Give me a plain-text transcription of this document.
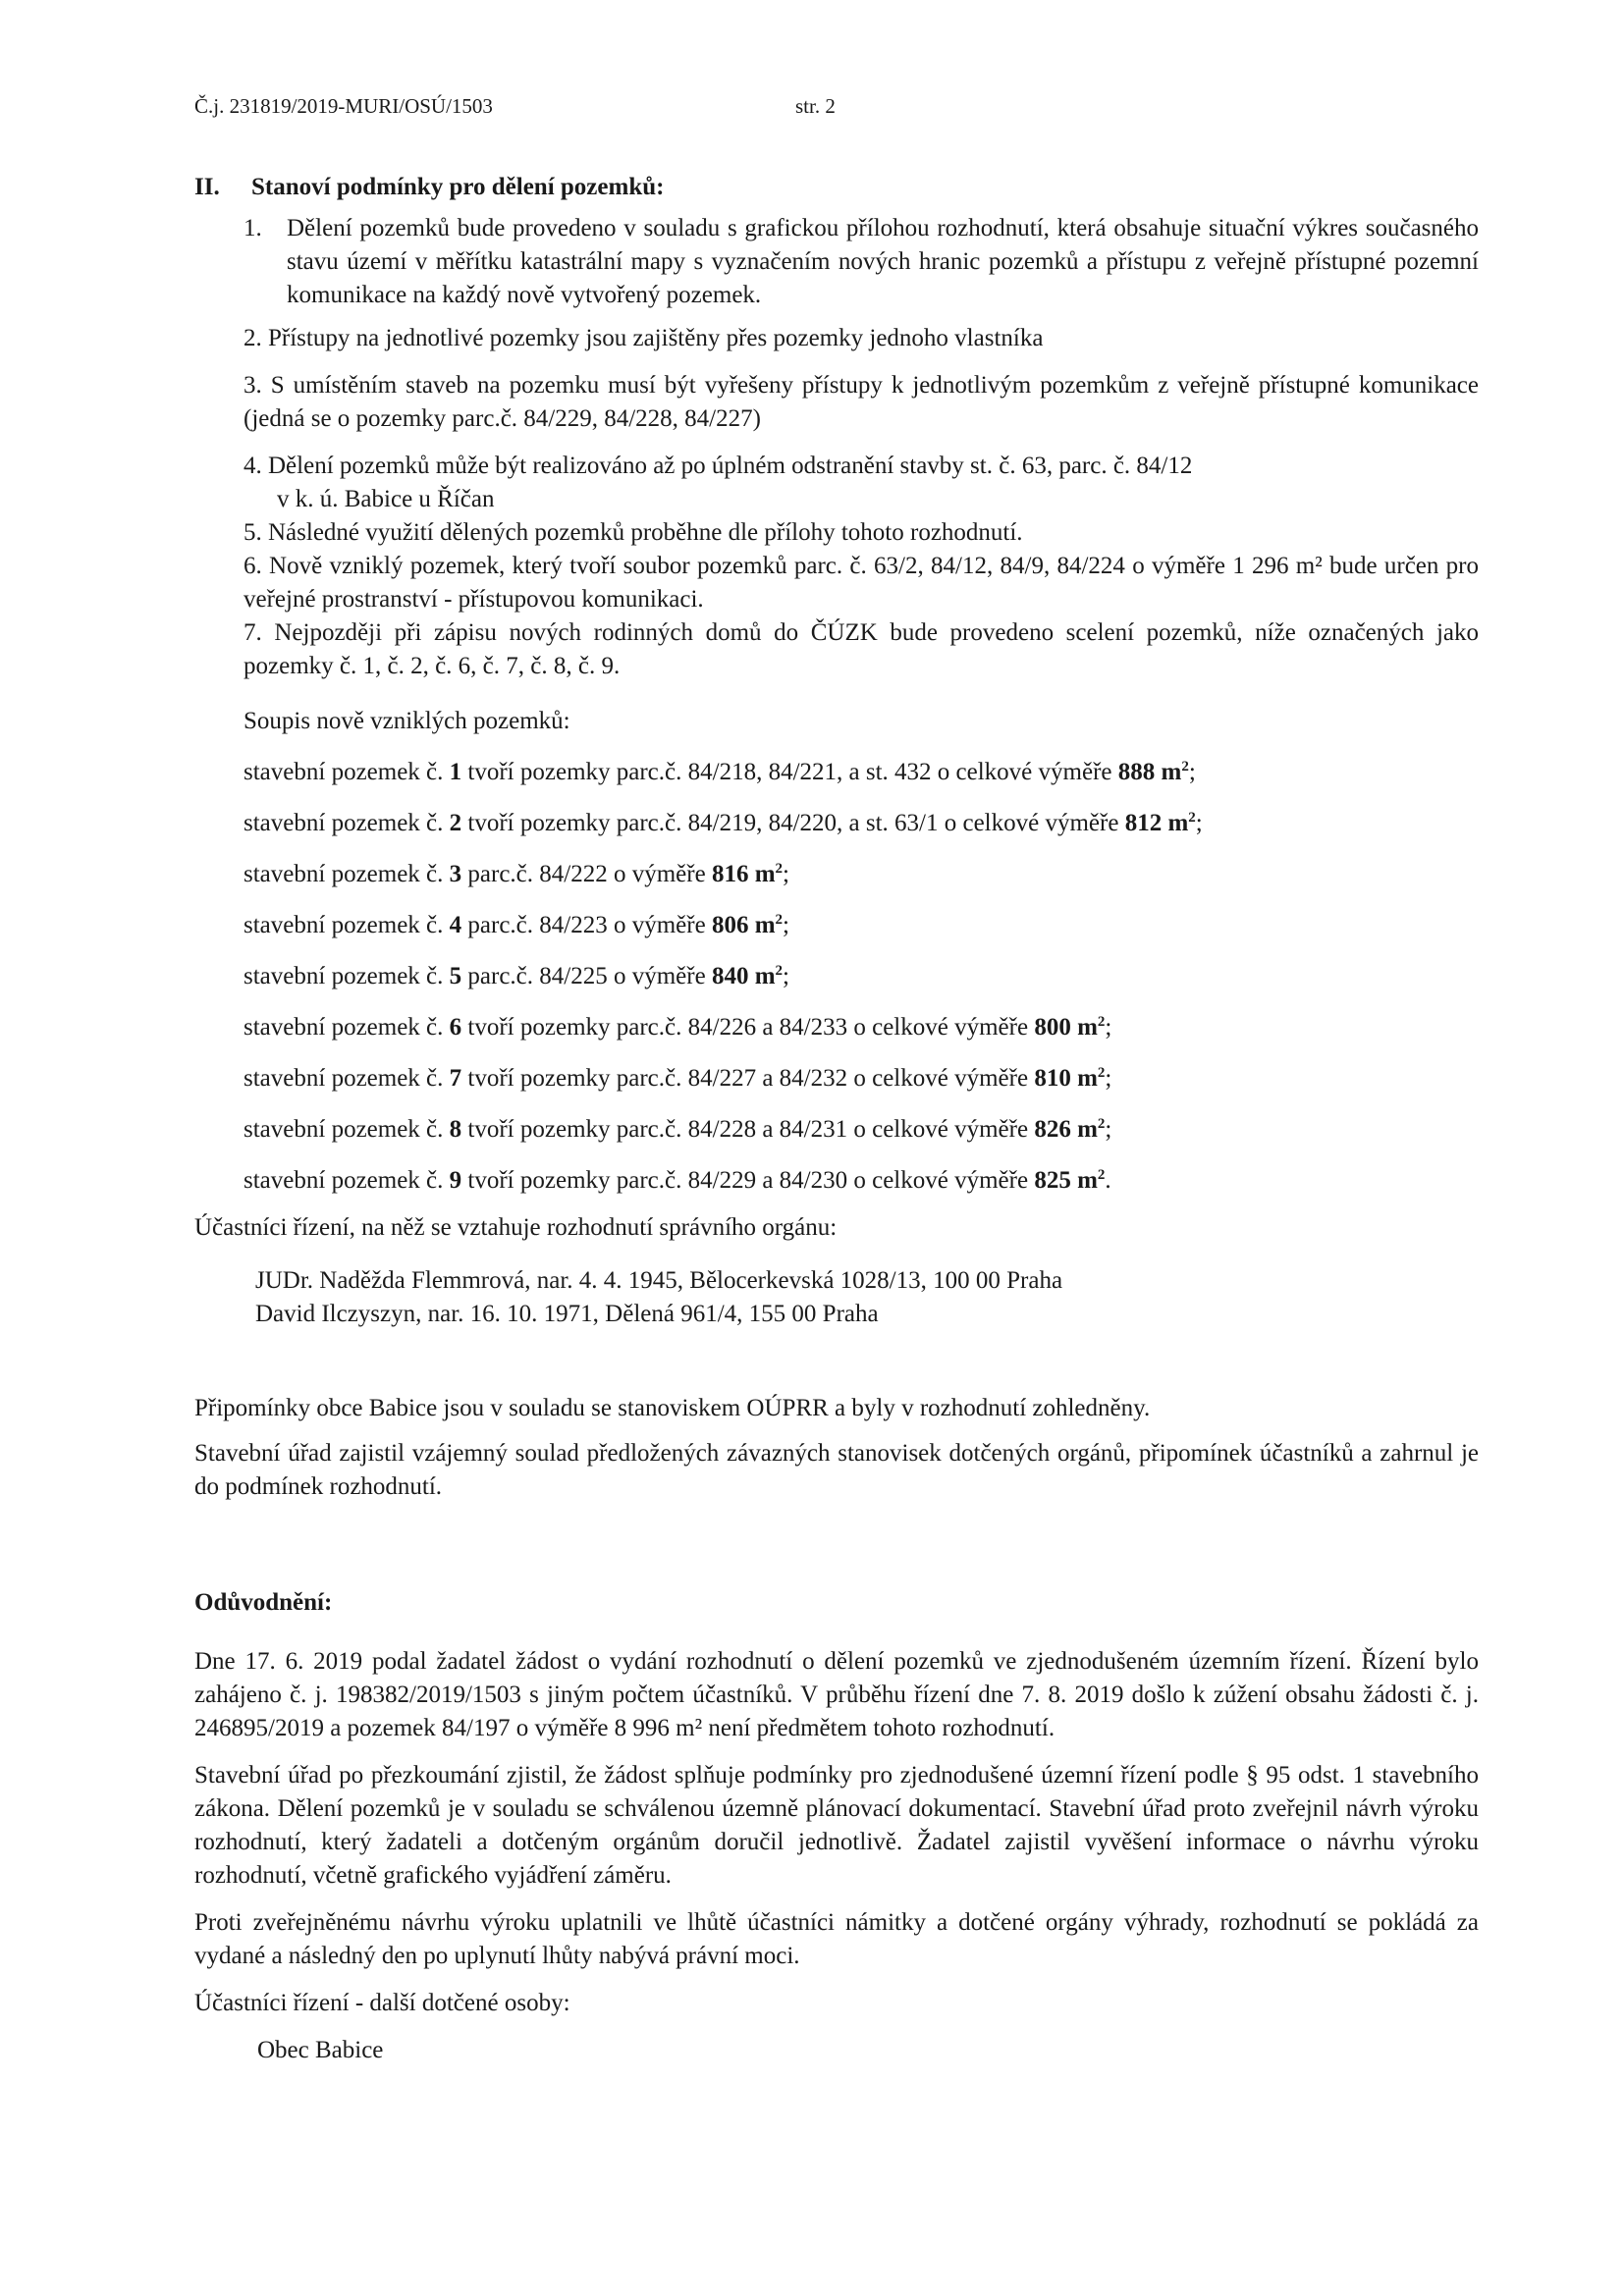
Č.j. 231819/2019-MURI/OSÚ/1503	str. 2
II.	Stanoví podmínky pro dělení pozemků:
1.	Dělení pozemků bude provedeno v souladu s grafickou přílohou rozhodnutí, která obsahuje situační výkres současného stavu území v měřítku katastrální mapy s vyznačením nových hranic pozemků a přístupu z veřejně přístupné pozemní komunikace na každý nově vytvořený pozemek.
2. Přístupy na jednotlivé pozemky jsou zajištěny přes pozemky jednoho vlastníka
3. S umístěním staveb na pozemku musí být vyřešeny přístupy k jednotlivým pozemkům z veřejně přístupné komunikace (jedná se o pozemky parc.č. 84/229, 84/228, 84/227)
4. Dělení pozemků může být realizováno až po úplném odstranění stavby st. č. 63, parc. č. 84/12
v k. ú. Babice u Říčan
5. Následné využití dělených pozemků proběhne dle přílohy tohoto rozhodnutí.
6. Nově vzniklý pozemek, který tvoří soubor pozemků parc. č. 63/2, 84/12, 84/9, 84/224 o výměře 1 296 m² bude určen pro veřejné prostranství - přístupovou komunikaci.
7. Nejpozději při zápisu nových rodinných domů do ČÚZK bude provedeno scelení pozemků, níže označených jako pozemky č. 1, č. 2, č. 6, č. 7, č. 8, č. 9.

Soupis nově vzniklých pozemků:

stavební pozemek č. 1 tvoří pozemky parc.č. 84/218, 84/221, a st. 432 o celkové výměře 888 $m^2$;

stavební pozemek č. 2 tvoří pozemky parc.č. 84/219, 84/220, a st. 63/1 o celkové výměře 812 $m^2$;

stavební pozemek č. 3 parc.č. 84/222 o výměře 816 $m^2$;

stavební pozemek č. 4 parc.č. 84/223 o výměře 806 $m^2$;

stavební pozemek č. 5 parc.č. 84/225 o výměře 840 $m^2$;

stavební pozemek č. 6 tvoří pozemky parc.č. 84/226 a 84/233 o celkové výměře 800 $m^2$;

stavební pozemek č. 7 tvoří pozemky parc.č. 84/227 a 84/232 o celkové výměře 810 $m^2$;

stavební pozemek č. 8 tvoří pozemky parc.č. 84/228 a 84/231 o celkové výměře 826 $m^2$;

stavební pozemek č. 9 tvoří pozemky parc.č. 84/229 a 84/230 o celkové výměře 825 $m^2$.

Účastníci řízení, na něž se vztahuje rozhodnutí správního orgánu:

JUDr. Naděžda Flemmrová, nar. 4. 4. 1945, Bělocerkevská 1028/13, 100 00 Praha
David Ilczyszyn, nar. 16. 10. 1971, Dělená 961/4, 155 00 Praha

Připomínky obce Babice jsou v souladu se stanoviskem OÚPRR a byly v rozhodnutí zohledněny.

Stavební úřad zajistil vzájemný soulad předložených závazných stanovisek dotčených orgánů, připomínek účastníků a zahrnul je do podmínek rozhodnutí.

Odůvodnění:

Dne 17. 6. 2019 podal žadatel žádost o vydání rozhodnutí o dělení pozemků ve zjednodušeném územním řízení. Řízení bylo zahájeno č. j. 198382/2019/1503 s jiným počtem účastníků. V průběhu řízení dne 7. 8. 2019 došlo k zúžení obsahu žádosti č. j. 246895/2019 a pozemek 84/197 o výměře 8 996 m² není předmětem tohoto rozhodnutí.

Stavební úřad po přezkoumání zjistil, že žádost splňuje podmínky pro zjednodušené územní řízení podle § 95 odst. 1 stavebního zákona. Dělení pozemků je v souladu se schválenou územně plánovací dokumentací. Stavební úřad proto zveřejnil návrh výroku rozhodnutí, který žadateli a dotčeným orgánům doručil jednotlivě. Žadatel zajistil vyvěšení informace o návrhu výroku rozhodnutí, včetně grafického vyjádření záměru.

Proti zveřejněnému návrhu výroku uplatnili ve lhůtě účastníci námitky a dotčené orgány výhrady, rozhodnutí se pokládá za vydané a následný den po uplynutí lhůty nabývá právní moci.

Účastníci řízení - další dotčené osoby:

Obec Babice
